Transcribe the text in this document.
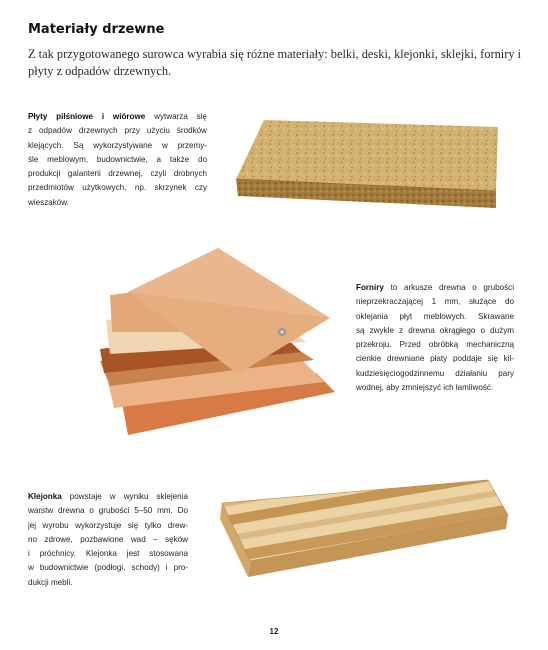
Materiały drzewne
Z tak przygotowanego surowca wyrabia się różne materiały: belki, deski, klejonki, sklejki, forniry i płyty z odpadów drzewnych.
Płyty pilśniowe i wiórowe wytwarza się
z odpadów drzewnych przy użyciu środków
klejących. Są wykorzystywane w przemy-
śle meblowym, budownictwie, a także do
produkcji galanterii drzewnej, czyli drobnych
przedmiotów użytkowych, np. skrzynek czy
wieszaków.
Forniry to arkusze drewna o grubości
nieprzekraczającej 1 mm, służące do
oklejania płyt meblowych. Skrawane
są zwykle z drewna okrągłego o dużym
przekroju. Przed obróbką mechaniczną
cienkie drewniane płaty poddaje się kil-
kudziesięciogodzinnemu działaniu pary
wodnej, aby zmniejszyć ich łamliwość.
Klejonka powstaje w wyniku sklejenia
warstw drewna o grubości 5–50 mm. Do
jej wyrobu wykorzystuje się tylko drew-
no zdrowe, pozbawione wad – sęków
i próchnicy. Klejonka jest stosowana
w budownictwie (podłogi, schody) i pro-
dukcji mebli.
12
